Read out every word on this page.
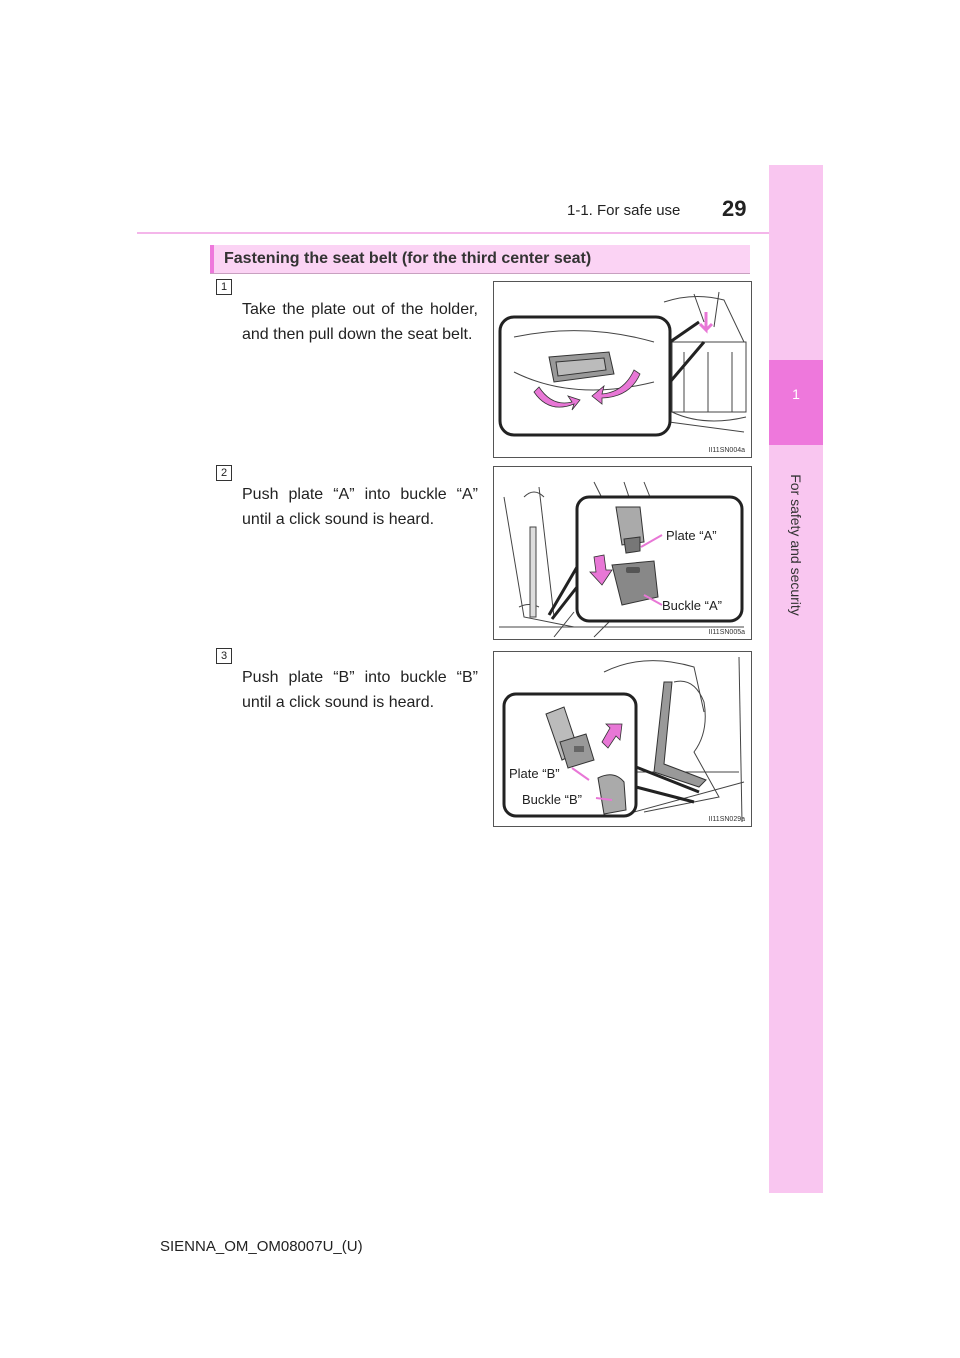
1-1. For safe use 29
1
For safety and security
Fastening the seat belt (for the third center seat)
1
Take the plate out of the holder, and then pull down the seat belt.
II11SN004a
2
Push plate “A” into buckle “A” until a click sound is heard.
Plate “A”
Buckle “A”
II11SN005a
3
Push plate “B” into buckle “B” until a click sound is heard.
Plate “B”
Buckle “B”
II11SN029a
SIENNA_OM_OM08007U_(U)
